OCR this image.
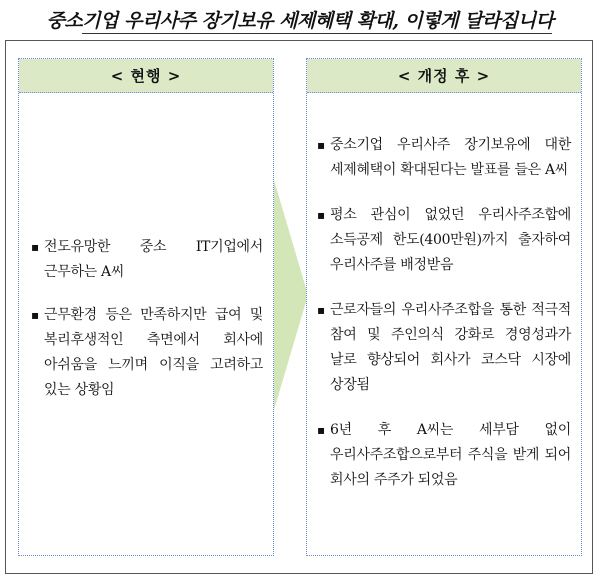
중소기업 우리사주 장기보유 세제혜택 확대, 이렇게 달라집니다
< 현행 >
▪ 전도유망한 중소 IT기업에서 근무하는 A씨
▪ 근무환경 등은 만족하지만 급여 및 복리후생적인 측면에서 회사에 아쉬움을 느끼며 이직을 고려하고 있는 상황임
< 개정 후 >
▪ 중소기업 우리사주 장기보유에 대한 세제혜택이 확대된다는 발표를 들은 A씨
▪ 평소 관심이 없었던 우리사주조합에 소득공제 한도(400만원)까지 출자하여 우리사주를 배정받음
▪ 근로자들의 우리사주조합을 통한 적극적 참여 및 주인의식 강화로 경영성과가 날로 향상되어 회사가 코스닥 시장에 상장됨
▪ 6년 후 A씨는 세부담 없이 우리사주조합으로부터 주식을 받게 되어 회사의 주주가 되었음
